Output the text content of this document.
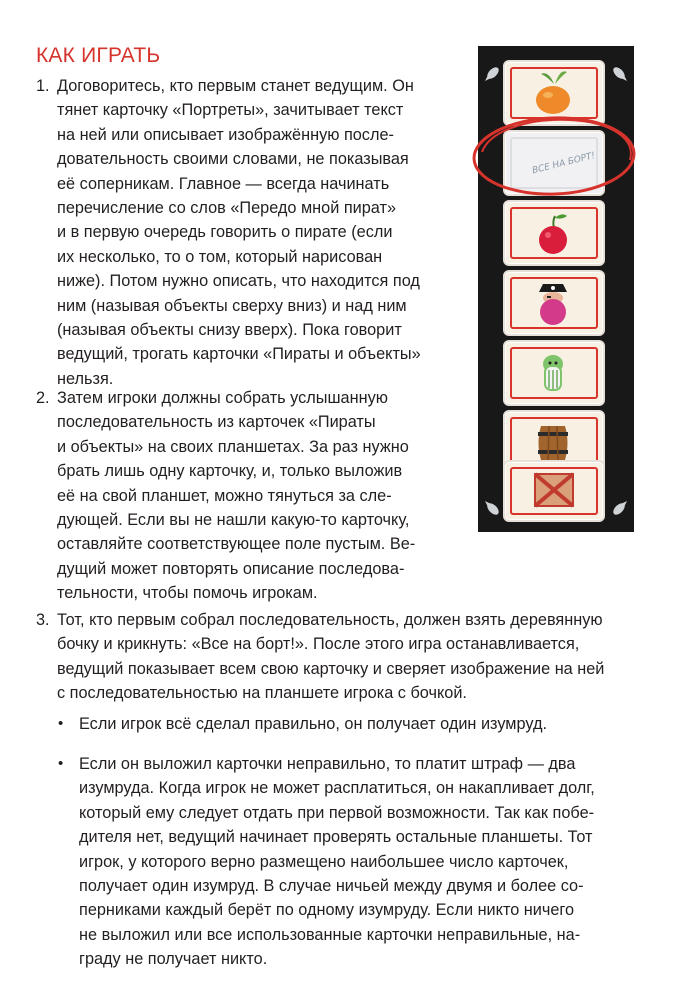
КАК ИГРАТЬ
1. Договоритесь, кто первым станет ведущим. Он
тянет карточку «Портреты», зачитывает текст
на ней или описывает изображённую после-
довательность своими словами, не показывая
её соперникам. Главное — всегда начинать
перечисление со слов «Передо мной пират»
и в первую очередь говорить о пирате (если
их несколько, то о том, который нарисован
ниже). Потом нужно описать, что находится под
ним (называя объекты сверху вниз) и над ним
(называя объекты снизу вверх). Пока говорит
ведущий, трогать карточки «Пираты и объекты»
нельзя.
2. Затем игроки должны собрать услышанную
последовательность из карточек «Пираты
и объекты» на своих планшетах. За раз нужно
брать лишь одну карточку, и, только выложив
её на свой планшет, можно тянуться за сле-
дующей. Если вы не нашли какую-то карточку,
оставляйте соответствующее поле пустым. Ве-
дущий может повторять описание последова-
тельности, чтобы помочь игрокам.
3. Тот, кто первым собрал последовательность, должен взять деревянную
бочку и крикнуть: «Все на борт!». После этого игра останавливается,
ведущий показывает всем свою карточку и сверяет изображение на ней
с последовательностью на планшете игрока с бочкой.
• Если игрок всё сделал правильно, он получает один изумруд.
• Если он выложил карточки неправильно, то платит штраф — два
изумруда. Когда игрок не может расплатиться, он накапливает долг,
который ему следует отдать при первой возможности. Так как побе-
дителя нет, ведущий начинает проверять остальные планшеты. Тот
игрок, у которого верно размещено наибольшее число карточек,
получает один изумруд. В случае ничьей между двумя и более со-
перниками каждый берёт по одному изумруду. Если никто ничего
не выложил или все использованные карточки неправильные, на-
граду не получает никто.
ВСЕ НА БОРТ!
